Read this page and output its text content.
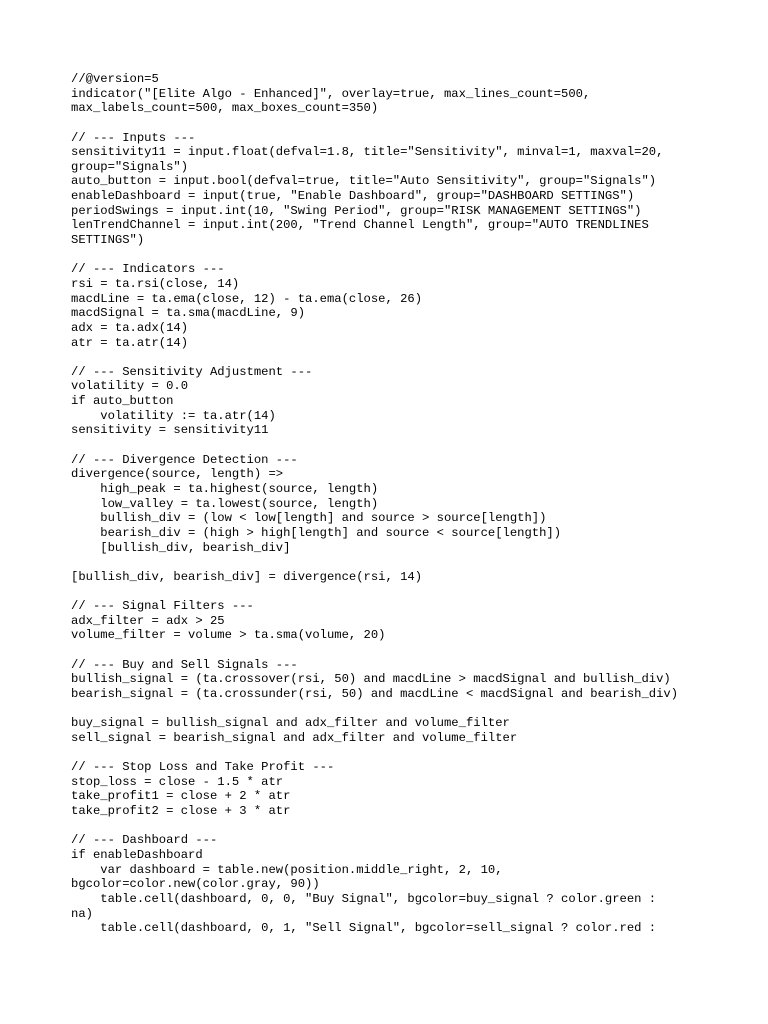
//@version=5
indicator("[Elite Algo - Enhanced]", overlay=true, max_lines_count=500,
max_labels_count=500, max_boxes_count=350)
// --- Inputs ---
sensitivity11 = input.float(defval=1.8, title="Sensitivity", minval=1, maxval=20,
group="Signals")
auto_button = input.bool(defval=true, title="Auto Sensitivity", group="Signals")
enableDashboard = input(true, "Enable Dashboard", group="DASHBOARD SETTINGS")
periodSwings = input.int(10, "Swing Period", group="RISK MANAGEMENT SETTINGS")
lenTrendChannel = input.int(200, "Trend Channel Length", group="AUTO TRENDLINES
SETTINGS")
// --- Indicators ---
rsi = ta.rsi(close, 14)
macdLine = ta.ema(close, 12) - ta.ema(close, 26)
macdSignal = ta.sma(macdLine, 9)
adx = ta.adx(14)
atr = ta.atr(14)
// --- Sensitivity Adjustment ---
volatility = 0.0
if auto_button
volatility := ta.atr(14)
sensitivity = sensitivity11
// --- Divergence Detection ---
divergence(source, length) =>
high_peak = ta.highest(source, length)
low_valley = ta.lowest(source, length)
bullish_div = (low < low[length] and source > source[length])
bearish_div = (high > high[length] and source < source[length])
[bullish_div, bearish_div]
[bullish_div, bearish_div] = divergence(rsi, 14)
// --- Signal Filters ---
adx_filter = adx > 25
volume_filter = volume > ta.sma(volume, 20)
// --- Buy and Sell Signals ---
bullish_signal = (ta.crossover(rsi, 50) and macdLine > macdSignal and bullish_div)
bearish_signal = (ta.crossunder(rsi, 50) and macdLine < macdSignal and bearish_div)
buy_signal = bullish_signal and adx_filter and volume_filter
sell_signal = bearish_signal and adx_filter and volume_filter
// --- Stop Loss and Take Profit ---
stop_loss = close - 1.5 * atr
take_profit1 = close + 2 * atr
take_profit2 = close + 3 * atr
// --- Dashboard ---
if enableDashboard
var dashboard = table.new(position.middle_right, 2, 10,
bgcolor=color.new(color.gray, 90))
table.cell(dashboard, 0, 0, "Buy Signal", bgcolor=buy_signal ? color.green :
na)
table.cell(dashboard, 0, 1, "Sell Signal", bgcolor=sell_signal ? color.red :
